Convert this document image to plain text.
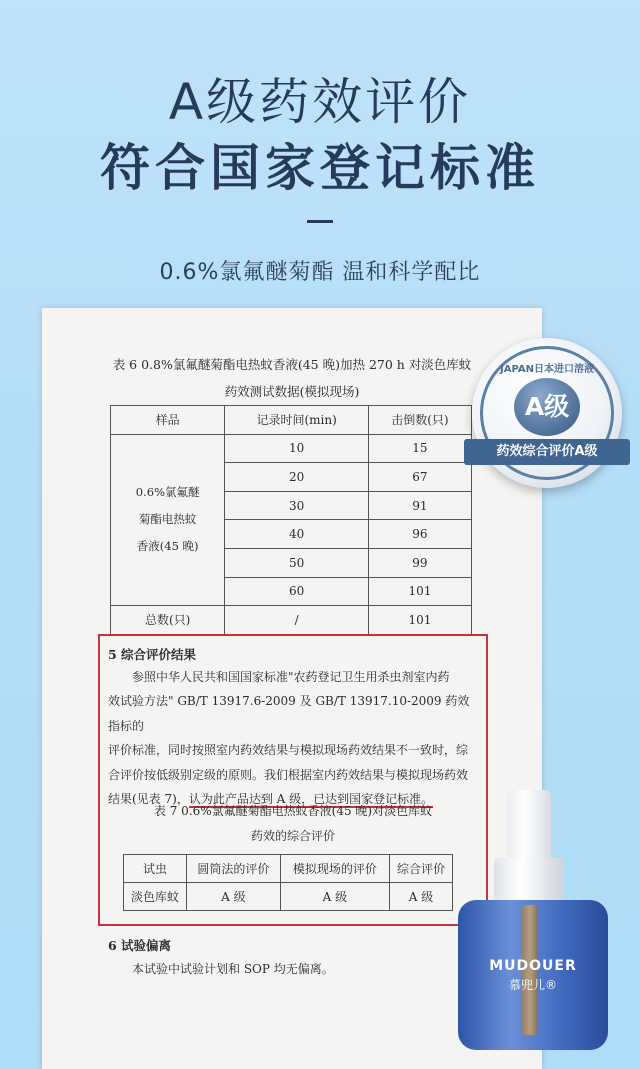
A级药效评价
符合国家登记标准
0.6%氯氟醚菊酯 温和科学配比
表 6 0.8%氯氟醚菊酯电热蚊香液(45 晚)加热 270 h 对淡色库蚊
药效测试数据(模拟现场)
样品	记录时间(min)	击倒数(只)

0.6%氯氟醚
菊酯电热蚊
香液(45 晚)	10	15
	20	67
	30	91
	40	96
	50	99
	60	101
总数(只)	/	101
5 综合评价结果

参照中华人民共和国国家标准"农药登记卫生用杀虫剂室内药

效试验方法" GB/T 13917.6-2009 及 GB/T 13917.10-2009 药效指标的

评价标准，同时按照室内药效结果与模拟现场药效结果不一致时，综

合评价按低级别定级的原则。我们根据室内药效结果与模拟现场药效

结果(见表 7)，认为此产品达到 A 级，已达到国家登记标准。

表 7 0.6%氯氟醚菊酯电热蚊香液(45 晚)对淡色库蚊
药效的综合评价
试虫	圆筒法的评价	模拟现场的评价	综合评价
淡色库蚊	A 级	A 级	A 级
6 试验偏离
本试验中试验计划和 SOP 均无偏离。
JAPAN日本进口溶液
A级
药效综合评价A级
MUDOUER
慕兜儿®
